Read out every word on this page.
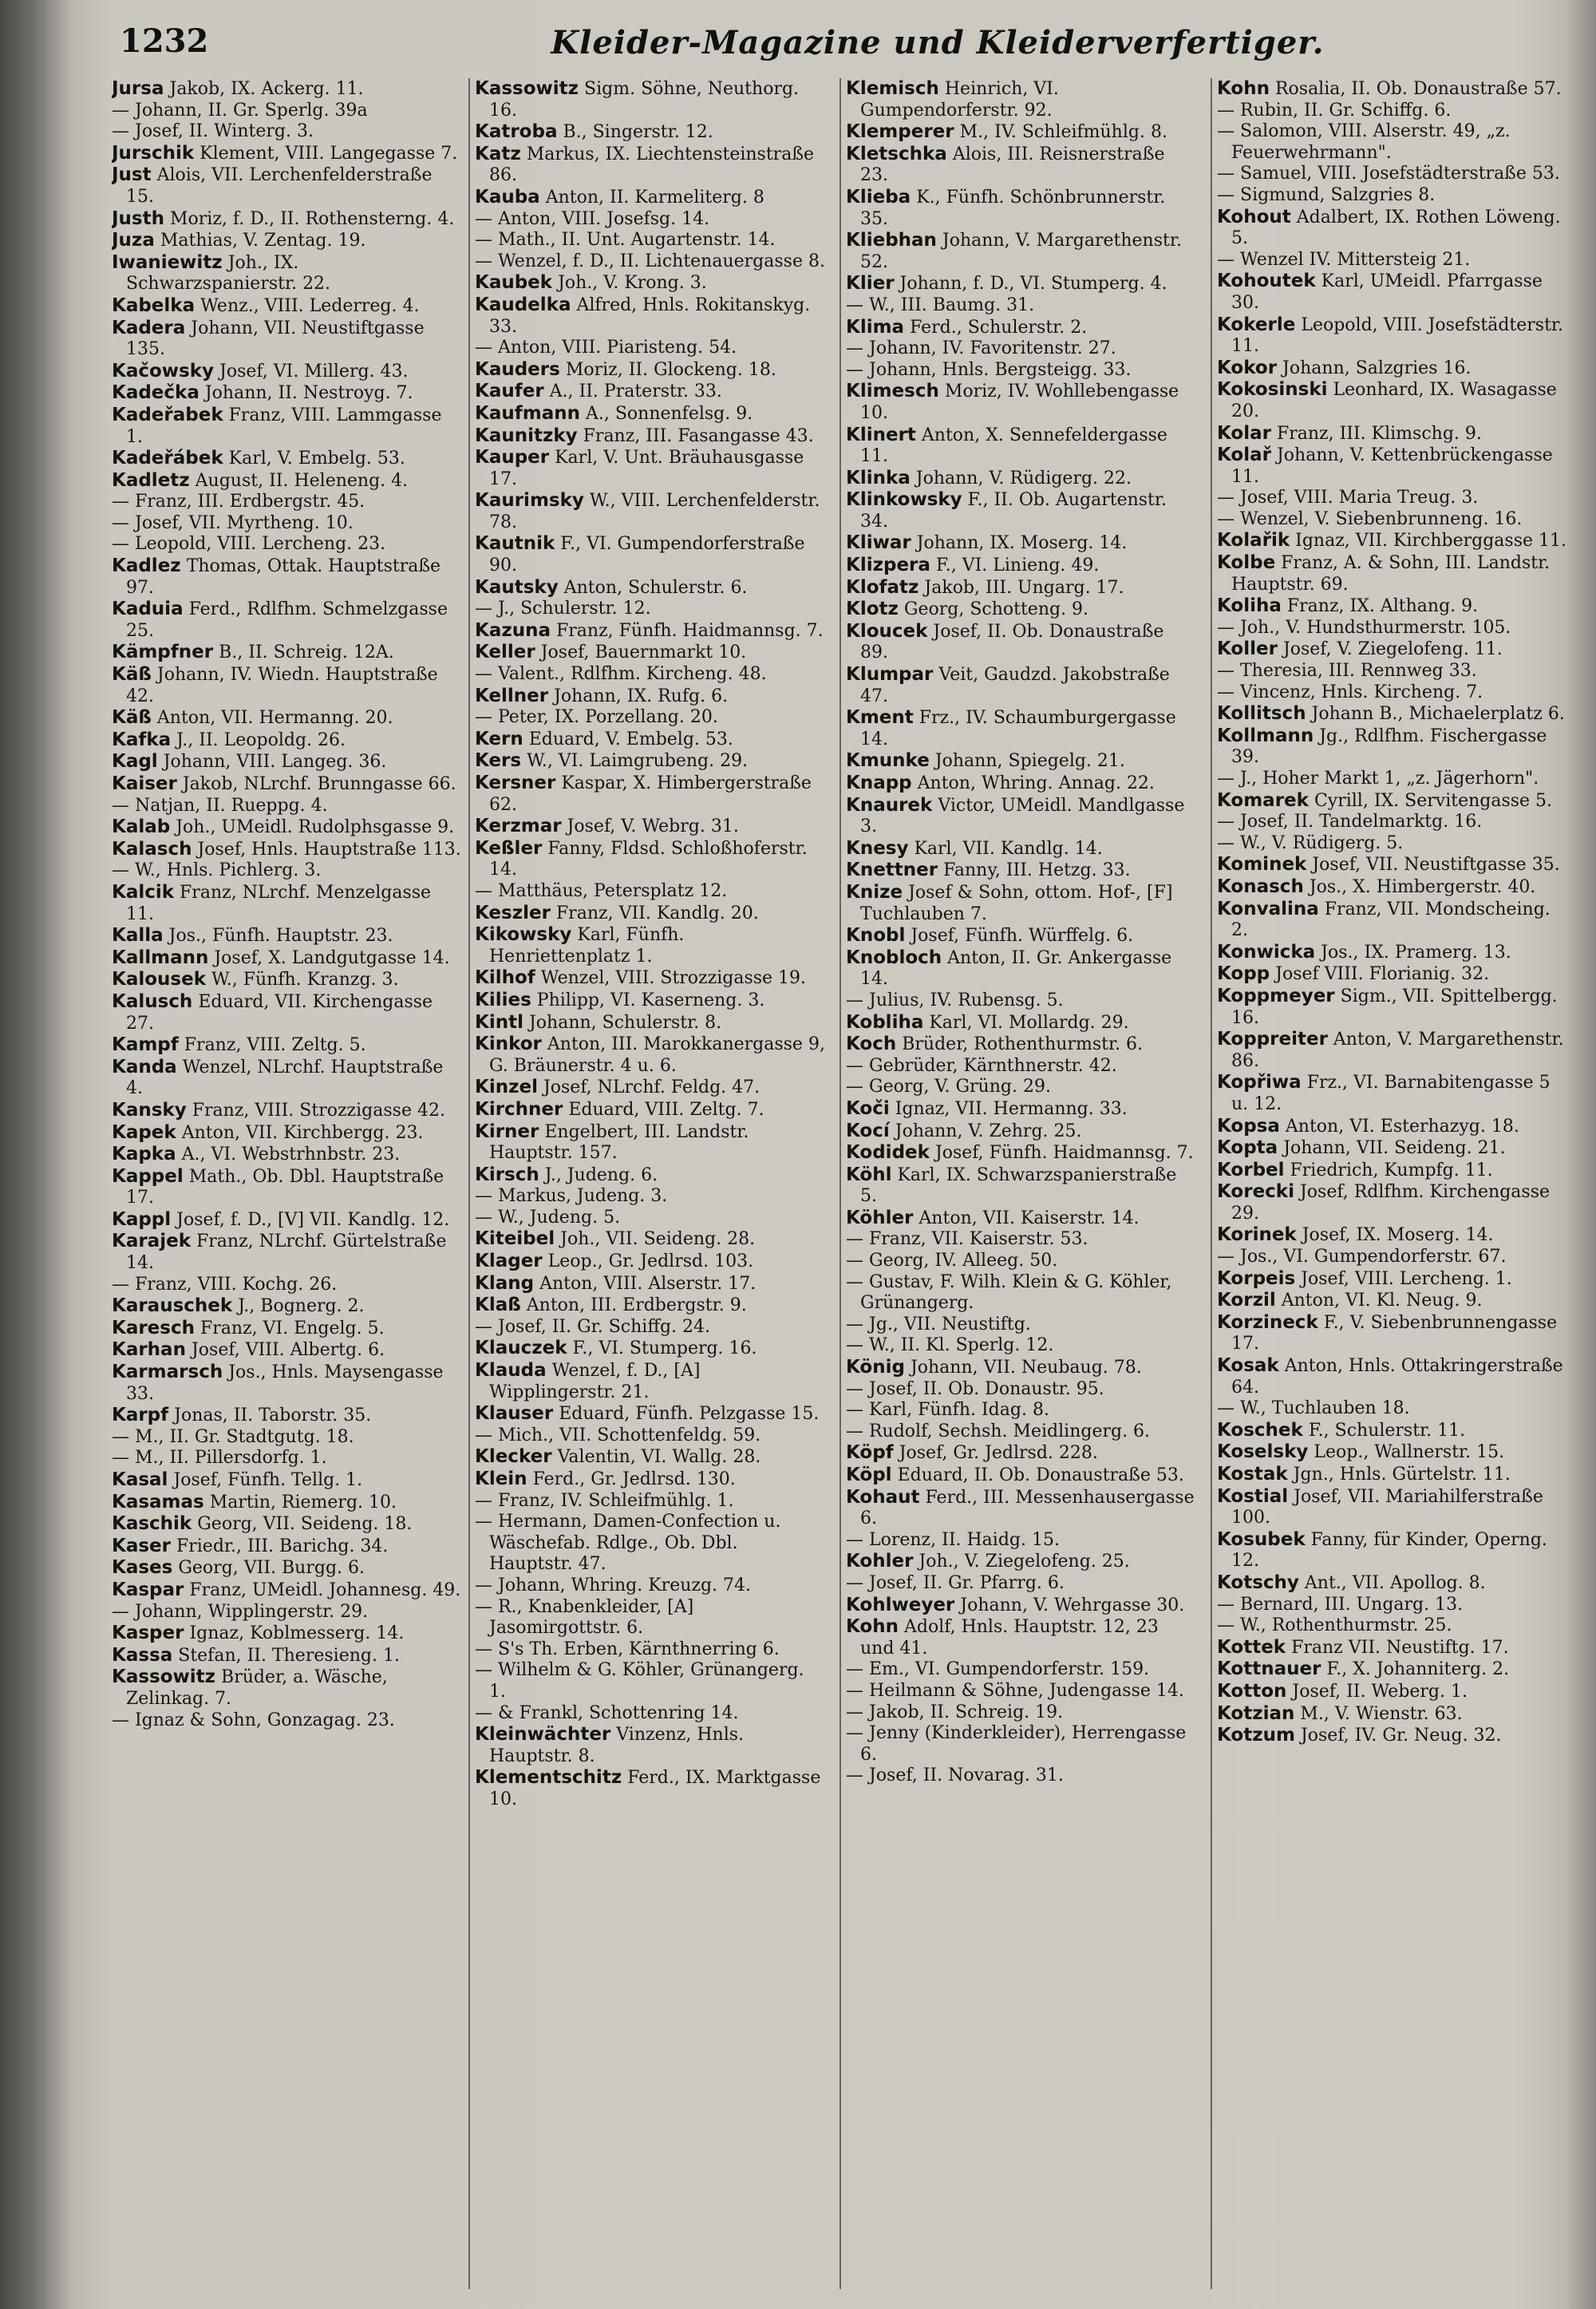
1232	Kleider-Magazine und Kleiderverfertiger.

Jursa Jakob, IX. Ackerg. 11.

— Johann, II. Gr. Sperlg. 39a

— Josef, II. Winterg. 3.

Jurschik Klement, VIII. Langegasse 7.

Just Alois, VII. Lerchenfelderstraße 15.

Justh Moriz, f. D., II. Rothensterng. 4.

Juza Mathias, V. Zentag. 19.

Iwaniewitz Joh., IX. Schwarzspanierstr. 22.

Kabelka Wenz., VIII. Lederreg. 4.

Kadera Johann, VII. Neustiftgasse 135.

Kačowsky Josef, VI. Millerg. 43.

Kadečka Johann, II. Nestroyg. 7.

Kadeřabek Franz, VIII. Lammgasse 1.

Kadeřábek Karl, V. Embelg. 53.

Kadletz August, II. Helenеng. 4.

— Franz, III. Erdbergstr. 45.

— Josef, VII. Myrtheng. 10.

— Leopold, VIII. Lercheng. 23.

Kadlez Thomas, Ottak. Hauptstraße 97.

Kaduia Ferd., Rdlfhm. Schmelzgasse 25.

Kämpfner B., II. Schreig. 12A.

Käß Johann, IV. Wiedn. Hauptstraße 42.

Käß Anton, VII. Hermanng. 20.

Kafka J., II. Leopoldg. 26.

Kagl Johann, VIII. Langeg. 36.

Kaiser Jakob, NLrchf. Brunngasse 66.

— Natjan, II. Rueppg. 4.

Kalab Joh., UMeidl. Rudolphsgasse 9.

Kalasch Josef, Hnls. Hauptstraße 113.

— W., Hnls. Pichlerg. 3.

Kalcik Franz, NLrchf. Menzelgasse 11.

Kalla Jos., Fünfh. Hauptstr. 23.

Kallmann Josef, X. Landgutgasse 14.

Kalousek W., Fünfh. Kranzg. 3.

Kalusch Eduard, VII. Kirchengasse 27.

Kampf Franz, VIII. Zeltg. 5.

Kanda Wenzel, NLrchf. Hauptstraße 4.

Kansky Franz, VIII. Strozzigasse 42.

Kapek Anton, VII. Kirchbergg. 23.

Kapka A., VI. Webstrhnbstr. 23.

Kappel Math., Ob. Dbl. Hauptstraße 17.

Kappl Josef, f. D., [V] VII. Kandlg. 12.

Karajek Franz, NLrchf. Gürtelstraße 14.

— Franz, VIII. Kochg. 26.

Karauschek J., Bognerg. 2.

Karesch Franz, VI. Engelg. 5.

Karhan Josef, VIII. Albertg. 6.

Karmarsch Jos., Hnls. Maysengasse 33.

Karpf Jonas, II. Taborstr. 35.

— M., II. Gr. Stadtgutg. 18.

— M., II. Pillersdorfg. 1.

Kasal Josef, Fünfh. Tellg. 1.

Kasamas Martin, Riemerg. 10.

Kaschik Georg, VII. Seideng. 18.

Kaser Friedr., III. Barichg. 34.

Kases Georg, VII. Burgg. 6.

Kaspar Franz, UMeidl. Johannesg. 49.

— Johann, Wipplingerstr. 29.

Kasper Ignaz, Koblmesserg. 14.

Kassa Stefan, II. Theresieng. 1.

Kassowitz Brüder, a. Wäsche, Zelinkag. 7.

— Ignaz & Sohn, Gonzagag. 23.

Kassowitz Sigm. Söhne, Neuthorg. 16.

Katroba B., Singerstr. 12.

Katz Markus, IX. Liechtensteinstraße 86.

Kauba Anton, II. Karmeliterg. 8

— Anton, VIII. Josefsg. 14.

— Math., II. Unt. Augartenstr. 14.

— Wenzel, f. D., II. Lichtenauergasse 8.

Kaubek Joh., V. Krong. 3.

Kaudelka Alfred, Hnls. Rokitanskyg. 33.

— Anton, VIII. Piaristeng. 54.

Kauders Moriz, II. Glockeng. 18.

Kaufer A., II. Praterstr. 33.

Kaufmann A., Sonnenfelsg. 9.

Kaunitzky Franz, III. Fasangasse 43.

Kauper Karl, V. Unt. Bräuhausgasse 17.

Kaurimsky W., VIII. Lerchenfelderstr. 78.

Kautnik F., VI. Gumpendorferstraße 90.

Kautsky Anton, Schulerstr. 6.

— J., Schulerstr. 12.

Kazuna Franz, Fünfh. Haidmannsg. 7.

Keller Josef, Bauernmarkt 10.

— Valent., Rdlfhm. Kircheng. 48.

Kellner Johann, IX. Rufg. 6.

— Peter, IX. Porzellang. 20.

Kern Eduard, V. Embelg. 53.

Kers W., VI. Laimgrubeng. 29.

Kersner Kaspar, X. Himbergerstraße 62.

Kerzmar Josef, V. Webrg. 31.

Keßler Fanny, Fldsd. Schloßhoferstr. 14.

— Matthäus, Petersplatz 12.

Keszler Franz, VII. Kandlg. 20.

Kikowsky Karl, Fünfh. Henriettenplatz 1.

Kilhof Wenzel, VIII. Strozzigasse 19.

Kilies Philipp, VI. Kaserneng. 3.

Kintl Johann, Schulerstr. 8.

Kinkor Anton, III. Marokkanergasse 9, G. Bräunerstr. 4 u. 6.

Kinzel Josef, NLrchf. Feldg. 47.

Kirchner Eduard, VIII. Zeltg. 7.

Kirner Engelbert, III. Landstr. Hauptstr. 157.

Kirsch J., Judeng. 6.

— Markus, Judeng. 3.

— W., Judeng. 5.

Kiteibel Joh., VII. Seideng. 28.

Klager Leop., Gr. Jedlrsd. 103.

Klang Anton, VIII. Alserstr. 17.

Klaß Anton, III. Erdbergstr. 9.

— Josef, II. Gr. Schiffg. 24.

Klauczek F., VI. Stumperg. 16.

Klauda Wenzel, f. D., [A] Wipplingerstr. 21.

Klauser Eduard, Fünfh. Pelzgasse 15.

— Mich., VII. Schottenfeldg. 59.

Klecker Valentin, VI. Wallg. 28.

Klein Ferd., Gr. Jedlrsd. 130.

— Franz, IV. Schleifmühlg. 1.

— Hermann, Damen-Confection u. Wäschefab. Rdlge., Ob. Dbl. Hauptstr. 47.

— Johann, Whring. Kreuzg. 74.

— R., Knabenkleider, [A] Jasomirgottstr. 6.

— S's Th. Erben, Kärnthnerring 6.

— Wilhelm & G. Köhler, Grünangerg. 1.

— & Frankl, Schottenring 14.

Kleinwächter Vinzenz, Hnls. Hauptstr. 8.

Klementschitz Ferd., IX. Marktgasse 10.

Klemisch Heinrich, VI. Gumpendorferstr. 92.

Klemperer M., IV. Schleifmühlg. 8.

Kletschka Alois, III. Reisnerstraße 23.

Klieba K., Fünfh. Schönbrunnerstr. 35.

Kliebhan Johann, V. Margarethenstr. 52.

Klier Johann, f. D., VI. Stumperg. 4.

— W., III. Baumg. 31.

Klima Ferd., Schulerstr. 2.

— Johann, IV. Favoritenstr. 27.

— Johann, Hnls. Bergsteigg. 33.

Klimesch Moriz, IV. Wohllebengasse 10.

Klinert Anton, X. Sennefeldergasse 11.

Klinka Johann, V. Rüdigerg. 22.

Klinkowsky F., II. Ob. Augartenstr. 34.

Kliwar Johann, IX. Moserg. 14.

Klizpera F., VI. Linieng. 49.

Klofatz Jakob, III. Ungarg. 17.

Klotz Georg, Schotteng. 9.

Kloucek Josef, II. Ob. Donaustraße 89.

Klumpar Veit, Gaudzd. Jakobstraße 47.

Kment Frz., IV. Schaumburgergasse 14.

Kmunke Johann, Spiegelg. 21.

Knapp Anton, Whring. Annag. 22.

Knaurek Victor, UMeidl. Mandlgasse 3.

Knesy Karl, VII. Kandlg. 14.

Knettner Fanny, III. Hetzg. 33.

Knize Josef & Sohn, ottom. Hof-, [F] Tuchlauben 7.

Knobl Josef, Fünfh. Würffelg. 6.

Knobloch Anton, II. Gr. Ankergasse 14.

— Julius, IV. Rubensg. 5.

Kobliha Karl, VI. Mollardg. 29.

Koch Brüder, Rothenthurmstr. 6.

— Gebrüder, Kärnthnerstr. 42.

— Georg, V. Grüng. 29.

Koči Ignaz, VII. Hermanng. 33.

Kocí Johann, V. Zehrg. 25.

Kodidek Josef, Fünfh. Haidmannsg. 7.

Köhl Karl, IX. Schwarzspanierstraße 5.

Köhler Anton, VII. Kaiserstr. 14.

— Franz, VII. Kaiserstr. 53.

— Georg, IV. Alleeg. 50.

— Gustav, F. Wilh. Klein & G. Köhler, Grünangerg.

— Jg., VII. Neustiftg.

— W., II. Kl. Sperlg. 12.

König Johann, VII. Neubaug. 78.

— Josef, II. Ob. Donaustr. 95.

— Karl, Fünfh. Idag. 8.

— Rudolf, Sechsh. Meidlingerg. 6.

Köpf Josef, Gr. Jedlrsd. 228.

Köpl Eduard, II. Ob. Donaustraße 53.

Kohaut Ferd., III. Messenhausergasse 6.

— Lorenz, II. Haidg. 15.

Kohler Joh., V. Ziegelofeng. 25.

— Josef, II. Gr. Pfarrg. 6.

Kohlweyer Johann, V. Wehrgasse 30.

Kohn Adolf, Hnls. Hauptstr. 12, 23 und 41.

— Em., VI. Gumpendorferstr. 159.

— Heilmann & Söhne, Judengasse 14.

— Jakob, II. Schreig. 19.

— Jenny (Kinderkleider), Herrengasse 6.

— Josef, II. Novarag. 31.

Kohn Rosalia, II. Ob. Donaustraße 57.

— Rubin, II. Gr. Schiffg. 6.

— Salomon, VIII. Alserstr. 49, „z. Feuerwehrmann".

— Samuel, VIII. Josefstädterstraße 53.

— Sigmund, Salzgries 8.

Kohout Adalbert, IX. Rothen Löweng. 5.

— Wenzel IV. Mittersteig 21.

Kohoutek Karl, UMeidl. Pfarrgasse 30.

Kokerle Leopold, VIII. Josefstädterstr. 11.

Kokor Johann, Salzgries 16.

Kokosinski Leonhard, IX. Wasagasse 20.

Kolar Franz, III. Klimschg. 9.

Kolař Johann, V. Kettenbrückengasse 11.

— Josef, VIII. Maria Treug. 3.

— Wenzel, V. Siebenbrunneng. 16.

Kolařik Ignaz, VII. Kirchberggasse 11.

Kolbe Franz, A. & Sohn, III. Landstr. Hauptstr. 69.

Koliha Franz, IX. Althang. 9.

— Joh., V. Hundsthurmerstr. 105.

Koller Josef, V. Ziegelofeng. 11.

— Theresia, III. Rennweg 33.

— Vincenz, Hnls. Kircheng. 7.

Kollitsch Johann B., Michaelerplatz 6.

Kollmann Jg., Rdlfhm. Fischergasse 39.

— J., Hoher Markt 1, „z. Jägerhorn".

Komarek Cyrill, IX. Servitengasse 5.

— Josef, II. Tandelmarktg. 16.

— W., V. Rüdigerg. 5.

Kominek Josef, VII. Neustiftgasse 35.

Konasch Jos., X. Himbergerstr. 40.

Konvalina Franz, VII. Mondscheing. 2.

Konwicka Jos., IX. Pramerg. 13.

Kopp Josef VIII. Florianig. 32.

Koppmeyer Sigm., VII. Spittelbergg. 16.

Koppreiter Anton, V. Margarethenstr. 86.

Kopřiwa Frz., VI. Barnabitengasse 5 u. 12.

Kopsa Anton, VI. Esterhazyg. 18.

Kopta Johann, VII. Seideng. 21.

Korbel Friedrich, Kumpfg. 11.

Korecki Josef, Rdlfhm. Kirchengasse 29.

Korinek Josef, IX. Moserg. 14.

— Jos., VI. Gumpendorferstr. 67.

Korpeis Josef, VIII. Lercheng. 1.

Korzil Anton, VI. Kl. Neug. 9.

Korzineck F., V. Siebenbrunnengasse 17.

Kosak Anton, Hnls. Ottakringerstraße 64.

— W., Tuchlauben 18.

Koschek F., Schulerstr. 11.

Koselsky Leop., Wallnerstr. 15.

Kostak Jgn., Hnls. Gürtelstr. 11.

Kostial Josef, VII. Mariahilferstraße 100.

Kosubek Fanny, für Kinder, Operng. 12.

Kotschy Ant., VII. Apollog. 8.

— Bernard, III. Ungarg. 13.

— W., Rothenthurmstr. 25.

Kottek Franz VII. Neustiftg. 17.

Kottnauer F., X. Johanniterg. 2.

Kotton Josef, II. Weberg. 1.

Kotzian M., V. Wienstr. 63.

Kotzum Josef, IV. Gr. Neug. 32.
